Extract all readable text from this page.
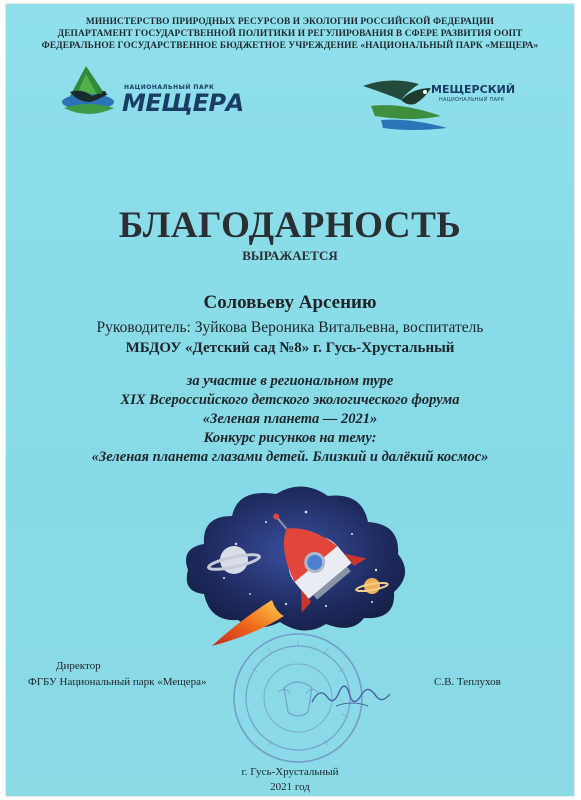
МИНИСТЕРСТВО ПРИРОДНЫХ РЕСУРСОВ И ЭКОЛОГИИ РОССИЙСКОЙ ФЕДЕРАЦИИ
ДЕПАРТАМЕНТ ГОСУДАРСТВЕННОЙ ПОЛИТИКИ И РЕГУЛИРОВАНИЯ В СФЕРЕ РАЗВИТИЯ ООПТ
ФЕДЕРАЛЬНОЕ ГОСУДАРСТВЕННОЕ БЮДЖЕТНОЕ УЧРЕЖДЕНИЕ «НАЦИОНАЛЬНЫЙ ПАРК «МЕЩЕРА»
НАЦИОНАЛЬНЫЙ ПАРК
МЕЩЕРА	МЕЩЕРСКИЙ
НАЦИОНАЛЬНЫЙ ПАРК
БЛАГОДАРНОСТЬ
ВЫРАЖАЕТСЯ
Соловьеву Арсению
Руководитель: Зуйкова Вероника Витальевна, воспитатель
МБДОУ «Детский сад №8» г. Гусь-Хрустальный
за участие в региональном туре
XIX Всероссийского детского экологического форума
«Зеленая планета — 2021»
Конкурс рисунков на тему:
«Зеленая планета глазами детей. Близкий и далёкий космос»
Директор
ФГБУ Национальный парк «Мещера»	С.В. Теплухов
г. Гусь-Хрустальный
2021 год
